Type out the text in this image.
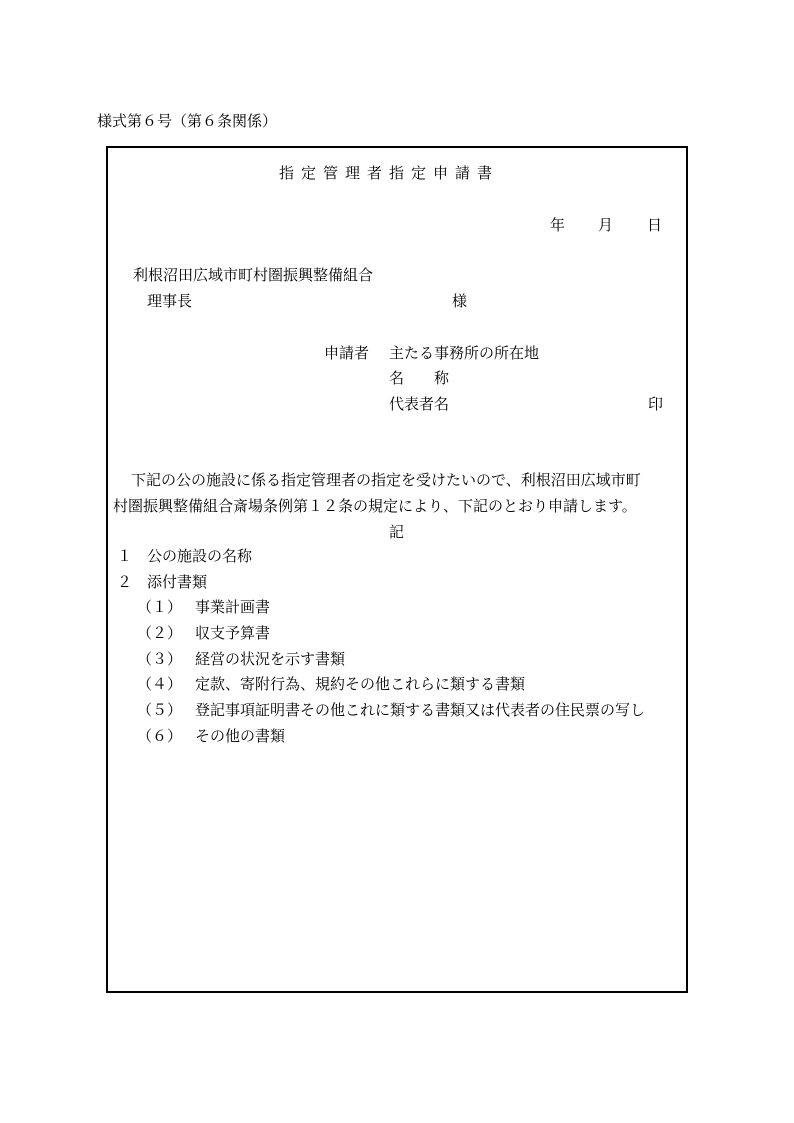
様式第６号（第６条関係）
指定管理者指定申請書
年 月 日
利根沼田広域市町村圏振興整備組合
理事長	様
申請者 主たる事務所の所在地
名 称
代表者名	印
下記の公の施設に係る指定管理者の指定を受けたいので、利根沼田広域市町
村圏振興整備組合斎場条例第１２条の規定により、下記のとおり申請します。
記
１ 公の施設の名称
２ 添付書類
（１） 事業計画書
（２） 収支予算書
（３） 経営の状況を示す書類
（４） 定款、寄附行為、規約その他これらに類する書類
（５） 登記事項証明書その他これに類する書類又は代表者の住民票の写し
（６） その他の書類
